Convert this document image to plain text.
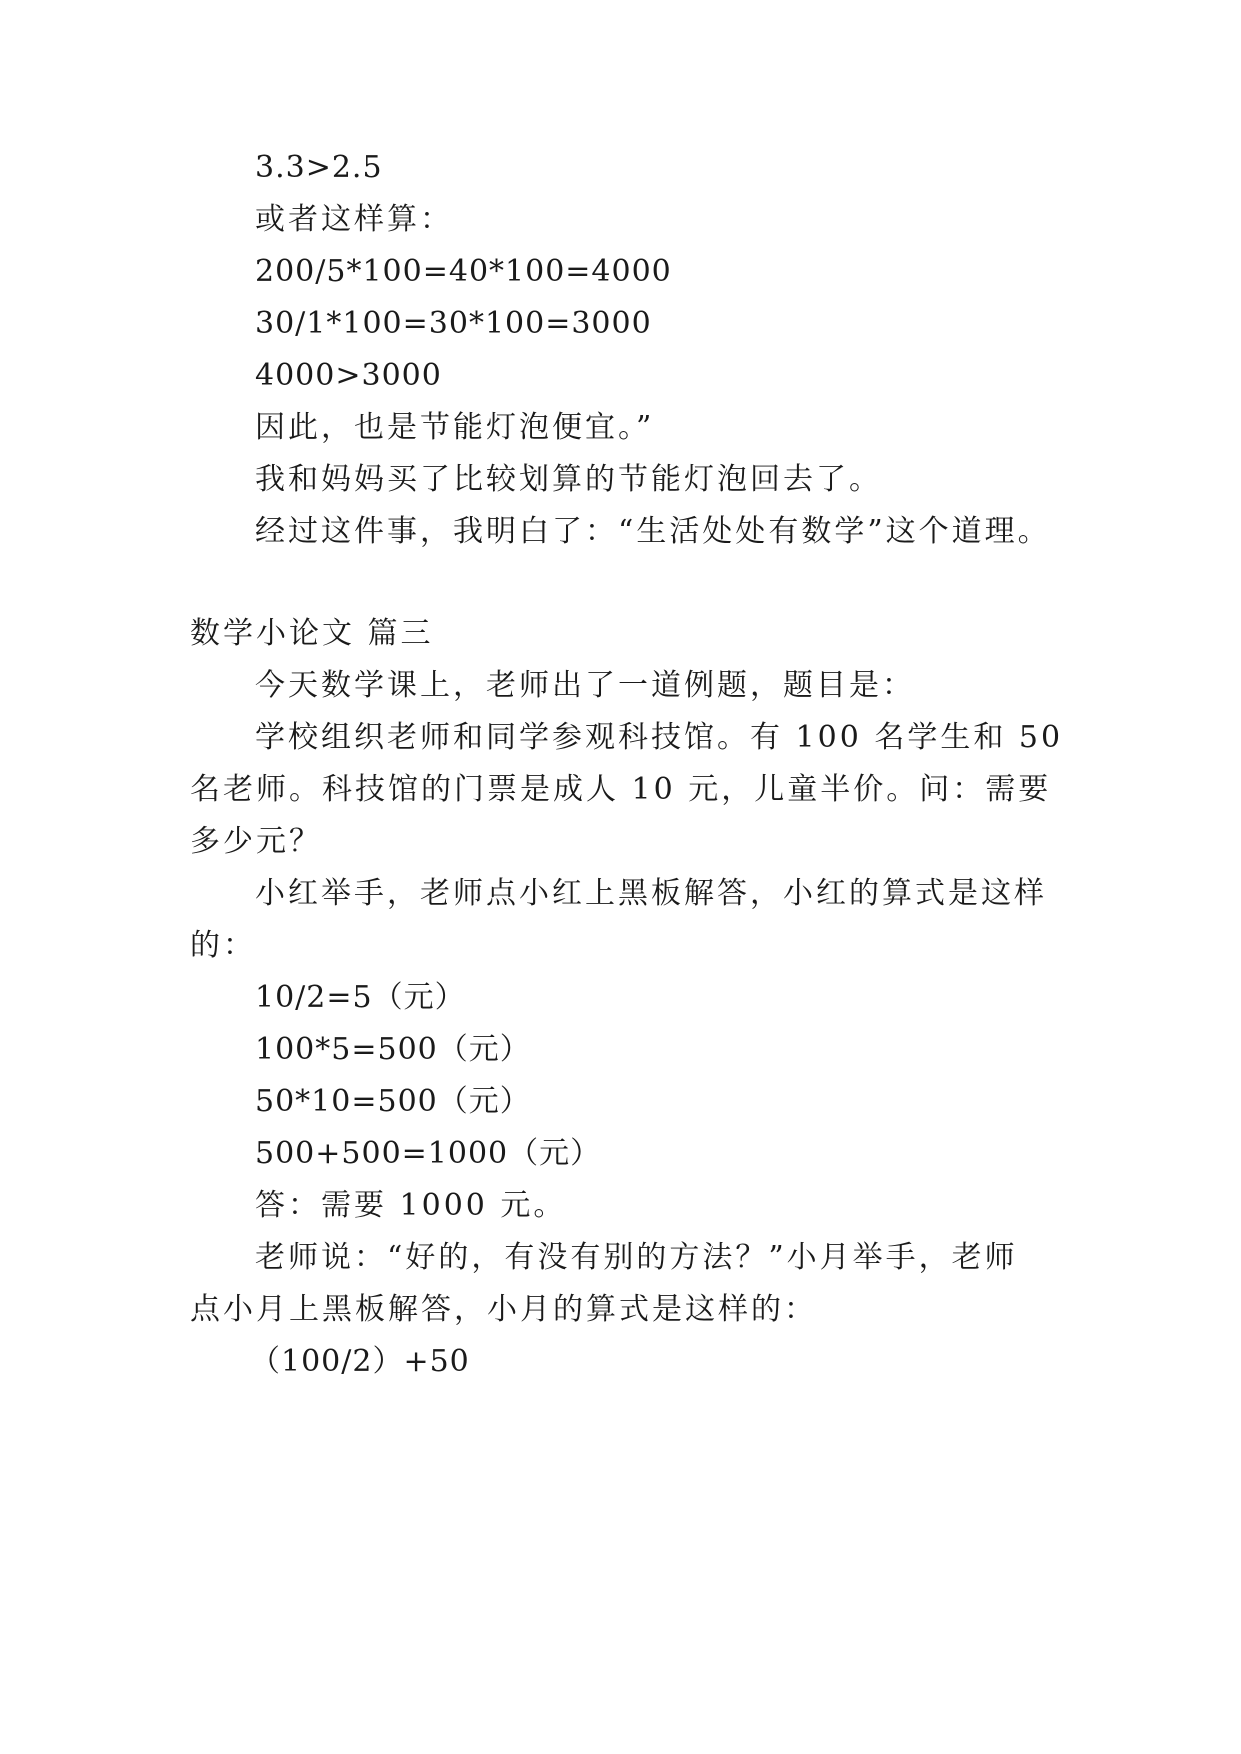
3.3>2.5
或者这样算：
200/5*100=40*100=4000
30/1*100=30*100=3000
4000>3000
因此，也是节能灯泡便宜。”
我和妈妈买了比较划算的节能灯泡回去了。
经过这件事，我明白了：“生活处处有数学”这个道理。
数学小论文 篇三
今天数学课上，老师出了一道例题，题目是：
学校组织老师和同学参观科技馆。有 100 名学生和 50
名老师。科技馆的门票是成人 10 元，儿童半价。问：需要
多少元？
小红举手，老师点小红上黑板解答，小红的算式是这样
的：
10/2=5（元）
100*5=500（元）
50*10=500（元）
500+500=1000（元）
答：需要 1000 元。
老师说：“好的，有没有别的方法？”小月举手，老师
点小月上黑板解答，小月的算式是这样的：
（100/2）+50
